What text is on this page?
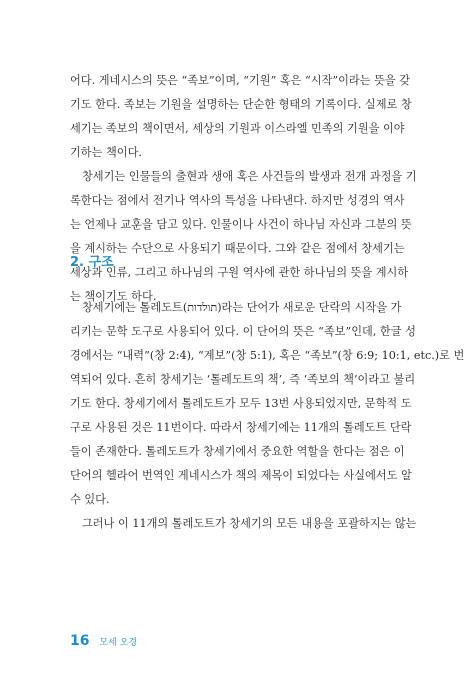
어다. 게네시스의 뜻은 “족보”이며, “기원” 혹은 “시작”이라는 뜻을 갖
기도 한다. 족보는 기원을 설명하는 단순한 형태의 기록이다. 실제로 창
세기는 족보의 책이면서, 세상의 기원과 이스라엘 민족의 기원을 이야
기하는 책이다.
창세기는 인물들의 출현과 생애 혹은 사건들의 발생과 전개 과정을 기
록한다는 점에서 전기나 역사의 특성을 나타낸다. 하지만 성경의 역사
는 언제나 교훈을 담고 있다. 인물이나 사건이 하나님 자신과 그분의 뜻
을 계시하는 수단으로 사용되기 때문이다. 그와 같은 점에서 창세기는
세상과 인류, 그리고 하나님의 구원 역사에 관한 하나님의 뜻을 계시하
는 책이기도 하다.
2. 구조
창세기에는 톨레도트(תולדות)라는 단어가 새로운 단락의 시작을 가
리키는 문학 도구로 사용되어 있다. 이 단어의 뜻은 “족보”인데, 한글 성
경에서는 “내력”(창 2:4), “계보”(창 5:1), 혹은 “족보”(창 6:9; 10:1, etc.)로 번
역되어 있다. 흔히 창세기는 ‘톨레도트의 책’, 즉 ‘족보의 책’이라고 불리
기도 한다. 창세기에서 톨레도트가 모두 13번 사용되었지만, 문학적 도
구로 사용된 것은 11번이다. 따라서 창세기에는 11개의 톨레도트 단락
들이 존재한다. 톨레도트가 창세기에서 중요한 역할을 한다는 점은 이
단어의 헬라어 번역인 게네시스가 책의 제목이 되었다는 사실에서도 알
수 있다.
그러나 이 11개의 톨레도트가 창세기의 모든 내용을 포괄하지는 않는
16 모세 오경
